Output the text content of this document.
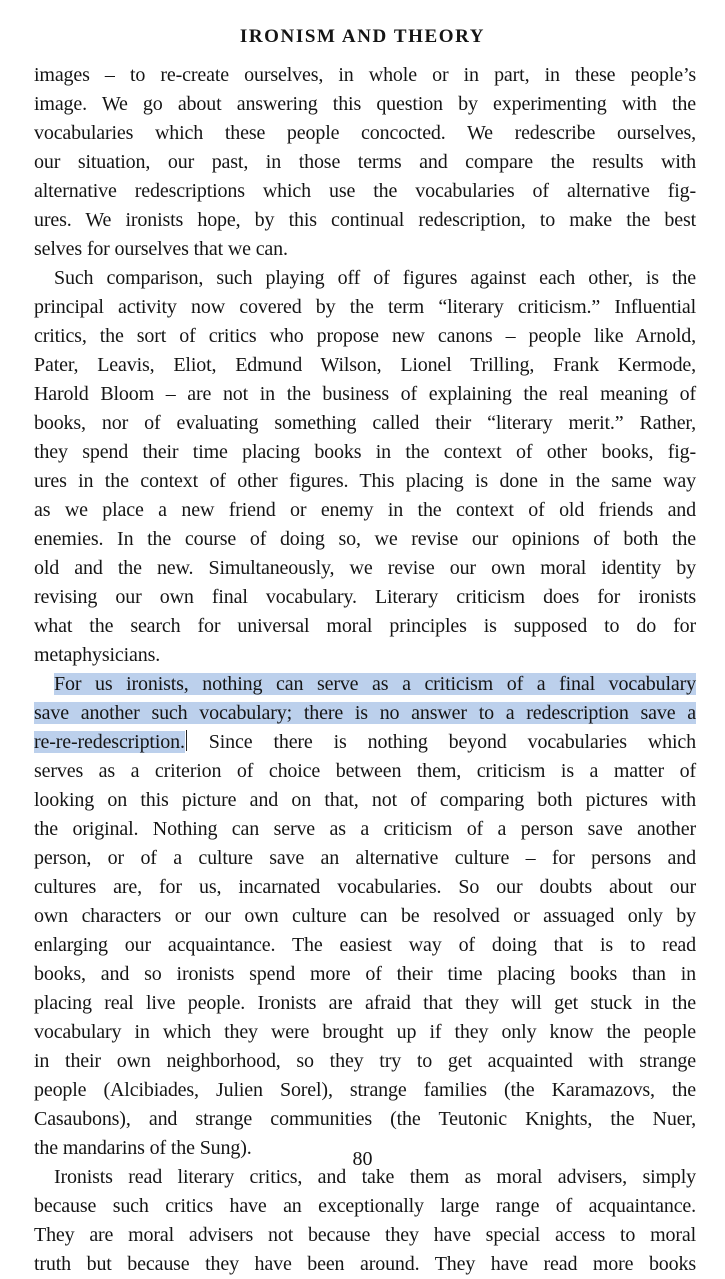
IRONISM AND THEORY
images – to re-create ourselves, in whole or in part, in these people’s
image. We go about answering this question by experimenting with the
vocabularies which these people concocted. We redescribe ourselves,
our situation, our past, in those terms and compare the results with
alternative redescriptions which use the vocabularies of alternative fig-
ures. We ironists hope, by this continual redescription, to make the best
selves for ourselves that we can.
Such comparison, such playing off of figures against each other, is the
principal activity now covered by the term “literary criticism.” Influential
critics, the sort of critics who propose new canons – people like Arnold,
Pater, Leavis, Eliot, Edmund Wilson, Lionel Trilling, Frank Kermode,
Harold Bloom – are not in the business of explaining the real meaning of
books, nor of evaluating something called their “literary merit.” Rather,
they spend their time placing books in the context of other books, fig-
ures in the context of other figures. This placing is done in the same way
as we place a new friend or enemy in the context of old friends and
enemies. In the course of doing so, we revise our opinions of both the
old and the new. Simultaneously, we revise our own moral identity by
revising our own final vocabulary. Literary criticism does for ironists
what the search for universal moral principles is supposed to do for
metaphysicians.
For us ironists, nothing can serve as a criticism of a final vocabulary
save another such vocabulary; there is no answer to a redescription save a
re-re-redescription. Since there is nothing beyond vocabularies which
serves as a criterion of choice between them, criticism is a matter of
looking on this picture and on that, not of comparing both pictures with
the original. Nothing can serve as a criticism of a person save another
person, or of a culture save an alternative culture – for persons and
cultures are, for us, incarnated vocabularies. So our doubts about our
own characters or our own culture can be resolved or assuaged only by
enlarging our acquaintance. The easiest way of doing that is to read
books, and so ironists spend more of their time placing books than in
placing real live people. Ironists are afraid that they will get stuck in the
vocabulary in which they were brought up if they only know the people
in their own neighborhood, so they try to get acquainted with strange
people (Alcibiades, Julien Sorel), strange families (the Karamazovs, the
Casaubons), and strange communities (the Teutonic Knights, the Nuer,
the mandarins of the Sung).
Ironists read literary critics, and take them as moral advisers, simply
because such critics have an exceptionally large range of acquaintance.
They are moral advisers not because they have special access to moral
truth but because they have been around. They have read more books

80
